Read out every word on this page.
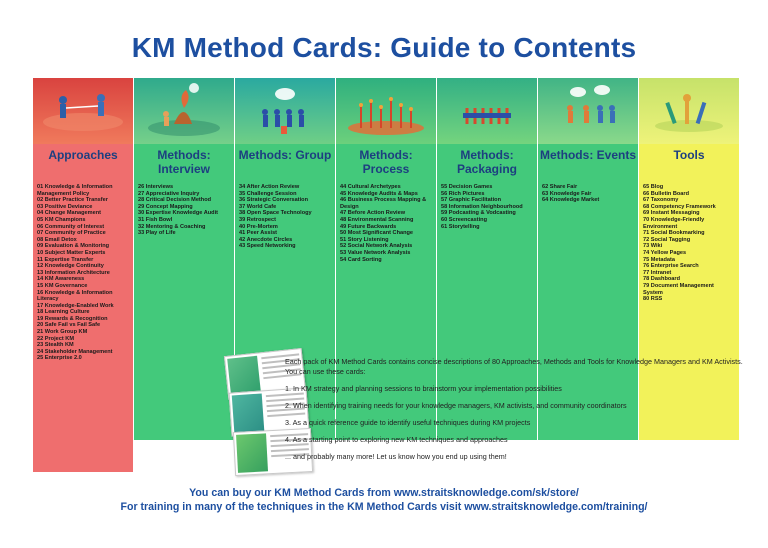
KM Method Cards: Guide to Contents
Approaches
01 Knowledge & Information Management Policy
02 Better Practice Transfer
03 Positive Deviance
04 Change Management
05 KM Champions
06 Community of Interest
07 Community of Practice
08 Email Detox
09 Evaluation & Monitoring
10 Subject Matter Experts
11 Expertise Transfer
12 Knowledge Continuity
13 Information Architecture
14 KM Awareness
15 KM Governance
16 Knowledge & Information Literacy
17 Knowledge-Enabled Work
18 Learning Culture
19 Rewards & Recognition
20 Safe Fail vs Fail Safe
21 Work Group KM
22 Project KM
23 Stealth KM
24 Stakeholder Management
25 Enterprise 2.0
Methods: Interview
26 Interviews
27 Appreciative Inquiry
28 Critical Decision Method
29 Concept Mapping
30 Expertise Knowledge Audit
31 Fish Bowl
32 Mentoring & Coaching
33 Play of Life
Methods: Group
34 After Action Review
35 Challenge Session
36 Strategic Conversation
37 World Cafe
38 Open Space Technology
39 Retrospect
40 Pre-Mortem
41 Peer Assist
42 Anecdote Circles
43 Speed Networking
Methods: Process
44 Cultural Archetypes
45 Knowledge Audits & Maps
46 Business Process Mapping & Design
47 Before Action Review
48 Environmental Scanning
49 Future Backwards
50 Most Significant Change
51 Story Listening
52 Social Network Analysis
53 Value Network Analysis
54 Card Sorting
Methods: Packaging
55 Decision Games
56 Rich Pictures
57 Graphic Facilitation
58 Information Neighbourhood
59 Podcasting & Vodcasting
60 Screencasting
61 Storytelling
Methods: Events
62 Share Fair
63 Knowledge Fair
64 Knowledge Market
Tools
65 Blog
66 Bulletin Board
67 Taxonomy
68 Competency Framework
69 Instant Messaging
70 Knowledge-Friendly Environment
71 Social Bookmarking
72 Social Tagging
73 Wiki
74 Yellow Pages
75 Metadata
76 Enterprise Search
77 Intranet
78 Dashboard
79 Document Management System
80 RSS

Each pack of KM Method Cards contains concise descriptions of 80 Approaches, Methods and Tools for Knowledge Managers and KM Activists. You can use these cards:

1. In KM strategy and planning sessions to brainstorm your implementation possibilities

2. When identifying training needs for your knowledge managers, KM activists, and community coordinators

3. As a quick reference guide to identify useful techniques during KM projects

4. As a starting point to exploring new KM techniques and approaches

... and probably many more! Let us know how you end up using them!

You can buy our KM Method Cards from www.straitsknowledge.com/sk/store/
For training in many of the techniques in the KM Method Cards visit www.straitsknowledge.com/training/
